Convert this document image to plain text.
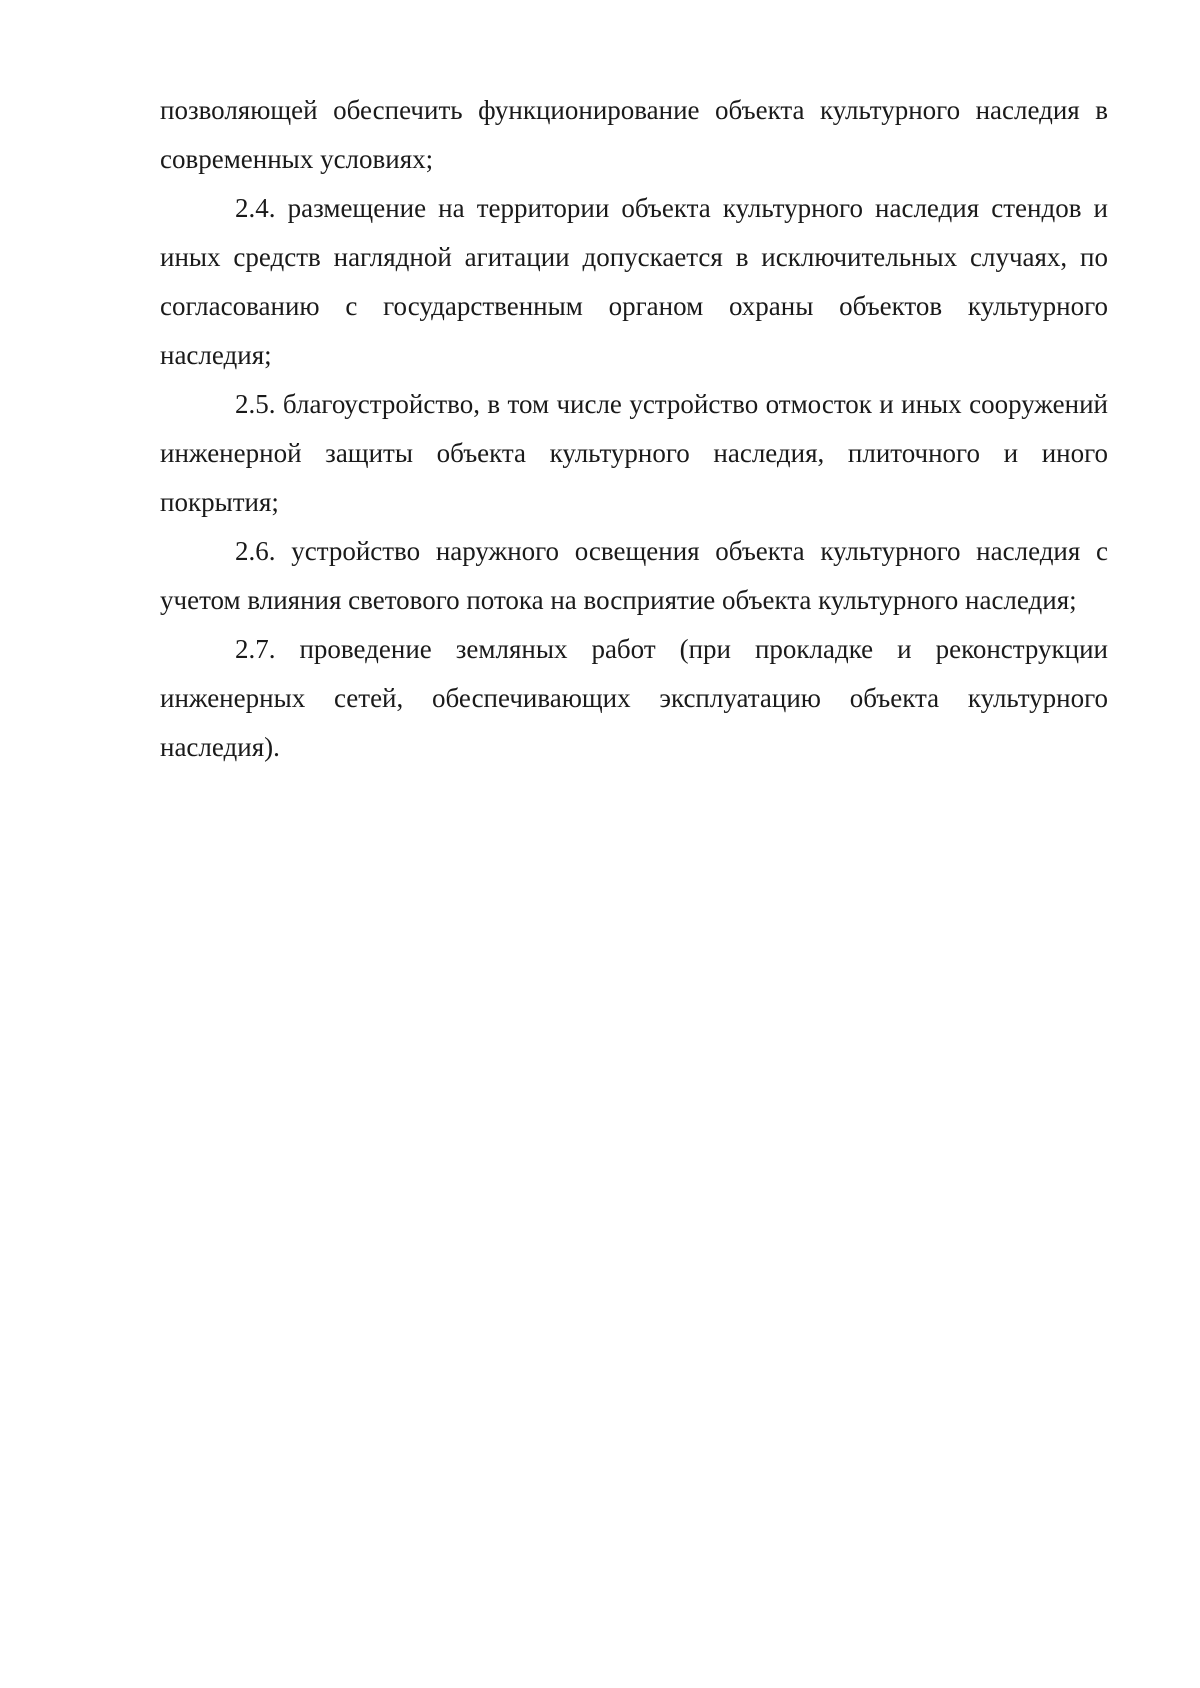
позволяющей обеспечить функционирование объекта культурного наследия в современных условиях;

2.4. размещение на территории объекта культурного наследия стендов и иных средств наглядной агитации допускается в исключительных случаях, по согласованию с государственным органом охраны объектов культурного наследия;

2.5. благоустройство, в том числе устройство отмосток и иных сооружений инженерной защиты объекта культурного наследия, плиточного и иного покрытия;

2.6. устройство наружного освещения объекта культурного наследия с учетом влияния светового потока на восприятие объекта культурного наследия;

2.7. проведение земляных работ (при прокладке и реконструкции инженерных сетей, обеспечивающих эксплуатацию объекта культурного наследия).
